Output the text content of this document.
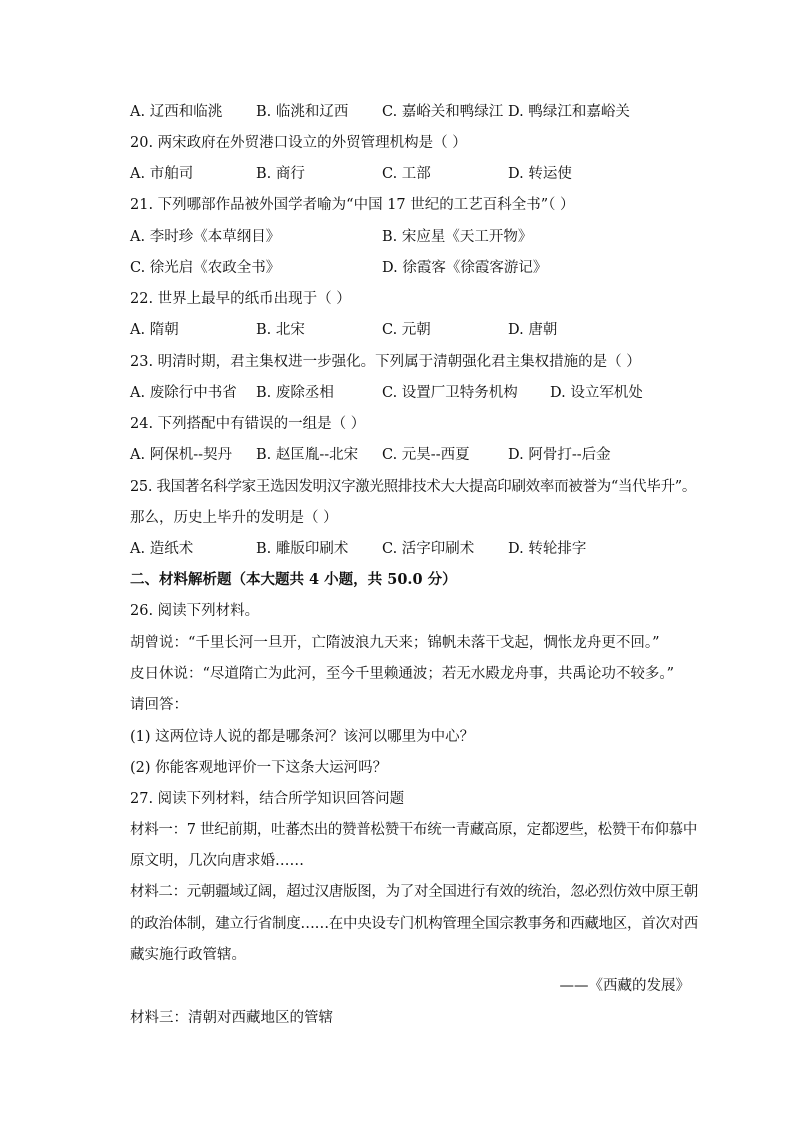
A. 辽西和临洮 B. 临洮和辽西 C. 嘉峪关和鸭绿江 D. 鸭绿江和嘉峪关
20. 两宋政府在外贸港口设立的外贸管理机构是（ ）
A. 市舶司	B. 商行	C. 工部	D. 转运使
21. 下列哪部作品被外国学者喻为“中国 17 世纪的工艺百科全书”（ ）
A. 李时珍《本草纲目》	B. 宋应星《天工开物》
C. 徐光启《农政全书》	D. 徐霞客《徐霞客游记》
22. 世界上最早的纸币出现于（ ）
A. 隋朝	B. 北宋	C. 元朝	D. 唐朝
23. 明清时期，君主集权进一步强化。下列属于清朝强化君主集权措施的是（ ）
A. 废除行中书省 B. 废除丞相	C. 设置厂卫特务机构 D. 设立军机处
24. 下列搭配中有错误的一组是（ ）
A. 阿保机--契丹 B. 赵匡胤--北宋 C. 元昊--西夏	D. 阿骨打--后金
25. 我国著名科学家王选因发明汉字激光照排技术大大提高印刷效率而被誉为“当代毕升”。
那么，历史上毕升的发明是（ ）
A. 造纸术	B. 雕版印刷术 C. 活字印刷术 D. 转轮排字
二、材料解析题（本大题共 4 小题，共 50.0 分）
26. 阅读下列材料。
胡曾说：“千里长河一旦开，亡隋波浪九天来；锦帆未落干戈起，惆怅龙舟更不回。”
皮日休说：“尽道隋亡为此河，至今千里赖通波；若无水殿龙舟事，共禹论功不较多。”
请回答：
(1) 这两位诗人说的都是哪条河？该河以哪里为中心？
(2) 你能客观地评价一下这条大运河吗？
27. 阅读下列材料，结合所学知识回答问题
材料一：7 世纪前期，吐蕃杰出的赞普松赞干布统一青藏高原，定都逻些，松赞干布仰慕中
原文明，几次向唐求婚……
材料二：元朝疆域辽阔，超过汉唐版图，为了对全国进行有效的统治，忽必烈仿效中原王朝
的政治体制，建立行省制度……在中央设专门机构管理全国宗教事务和西藏地区，首次对西
藏实施行政管辖。
——《西藏的发展》
材料三：清朝对西藏地区的管辖
